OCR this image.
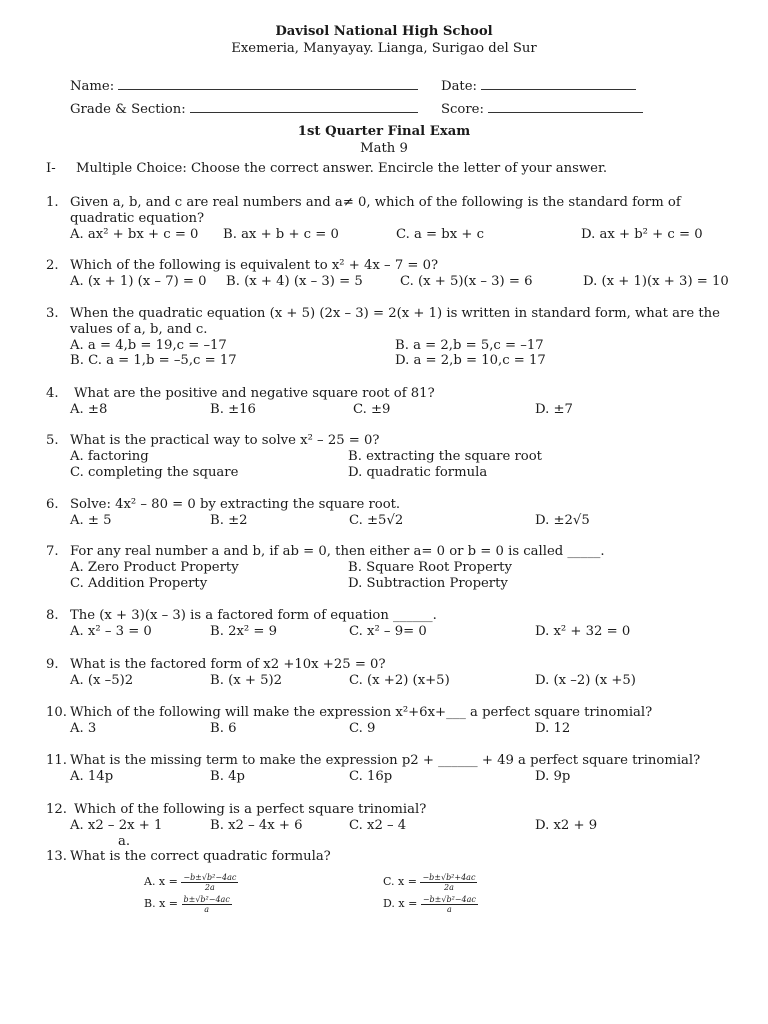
Davisol National High School
Exemeria, Manyayay. Lianga, Surigao del Sur
Name:	Date:
Grade & Section:	Score:
1st Quarter Final Exam
Math 9
I- Multiple Choice: Choose the correct answer. Encircle the letter of your answer.
1. Given a, b, and c are real numbers and a≠ 0, which of the following is the standard form of
quadratic equation?
A. ax² + bx + c = 0 B. ax + b + c = 0	C. a = bx + c	D. ax + b² + c = 0
2. Which of the following is equivalent to x² + 4x – 7 = 0?
A. (x + 1) (x – 7) = 0 B. (x + 4) (x – 3) = 5	C. (x + 5)(x – 3) = 6	D. (x + 1)(x + 3) = 10
3. When the quadratic equation (x + 5) (2x – 3) = 2(x + 1) is written in standard form, what are the
values of a, b, and c.
A. a = 4,b = 19,c = –17	B. a = 2,b = 5,c = –17
B. C. a = 1,b = –5,c = 17	D. a = 2,b = 10,c = 17
4. What are the positive and negative square root of 81?
A. ±8	B. ±16	C. ±9	D. ±7
5. What is the practical way to solve x² – 25 = 0?
A. factoring	B. extracting the square root
C. completing the square	D. quadratic formula
6. Solve: 4x² – 80 = 0 by extracting the square root.
A. ± 5	B. ±2	C. ±5√2	D. ±2√5
7. For any real number a and b, if ab = 0, then either a= 0 or b = 0 is called _____.
A. Zero Product Property	B. Square Root Property
C. Addition Property	D. Subtraction Property
8. The (x + 3)(x – 3) is a factored form of equation ______.
A. x² – 3 = 0	B. 2x² = 9	C. x² – 9= 0	D. x² + 32 = 0
9. What is the factored form of x2 +10x +25 = 0?
A. (x –5)2	B. (x + 5)2	C. (x +2) (x+5)	D. (x –2) (x +5)
10. Which of the following will make the expression x²+6x+___ a perfect square trinomial?
A. 3	B. 6	C. 9	D. 12
11. What is the missing term to make the expression p2 + ______ + 49 a perfect square trinomial?
A. 14p	B. 4p	C. 16p	D. 9p
12. Which of the following is a perfect square trinomial?
A. x2 – 2x + 1	B. x2 – 4x + 6	C. x2 – 4	D. x2 + 9
a.
13. What is the correct quadratic formula?
A. $x = \frac{\text{−b±√b²−4ac}}{2a}$
B. $x = \frac{\text{b±√b²−4ac}}{a}$
C. $x = \frac{\text{−b±√b²+4ac}}{2a}$
D. $x = \frac{\text{−b±√b²−4ac}}{a}$
